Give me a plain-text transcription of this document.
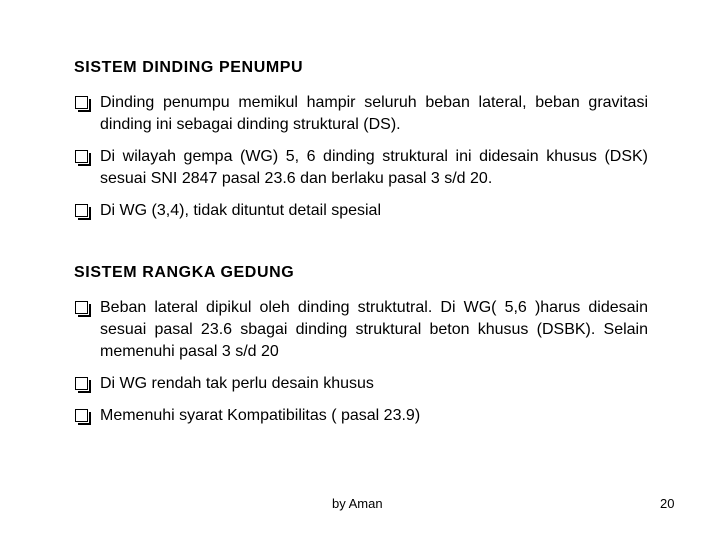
SISTEM DINDING PENUMPU
Dinding penumpu memikul hampir seluruh beban lateral, beban gravitasi dinding ini sebagai dinding struktural (DS).
Di wilayah gempa (WG) 5, 6 dinding struktural ini didesain khusus (DSK) sesuai SNI 2847 pasal 23.6 dan berlaku pasal 3 s/d 20.
Di WG (3,4), tidak dituntut detail spesial
SISTEM RANGKA GEDUNG
Beban lateral dipikul oleh dinding struktutral. Di WG( 5,6 )harus didesain sesuai pasal 23.6 sbagai dinding struktural beton khusus (DSBK). Selain memenuhi pasal 3 s/d 20
Di WG rendah tak perlu desain khusus
Memenuhi syarat Kompatibilitas ( pasal 23.9)
by Aman	20
